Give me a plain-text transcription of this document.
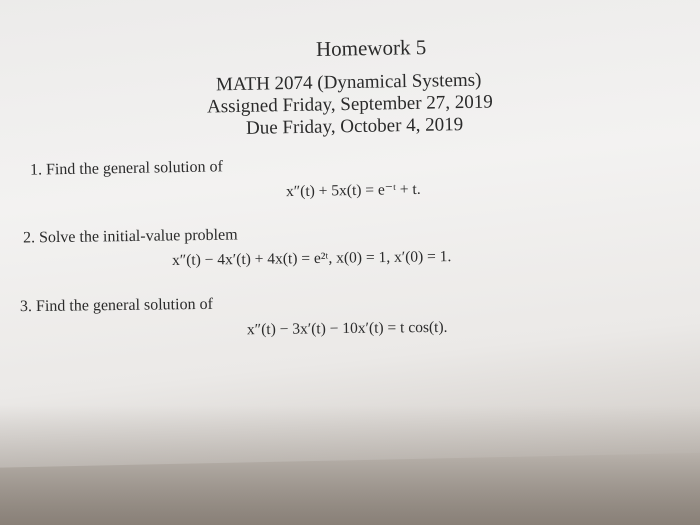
Homework 5
MATH 2074 (Dynamical Systems)
Assigned Friday, September 27, 2019
Due Friday, October 4, 2019
1. Find the general solution of
x″(t) + 5x(t) = e⁻ᵗ + t.
2. Solve the initial-value problem
x″(t) − 4x′(t) + 4x(t) = e²ᵗ, x(0) = 1, x′(0) = 1.
3. Find the general solution of
x″(t) − 3x′(t) − 10x′(t) = t cos(t).
